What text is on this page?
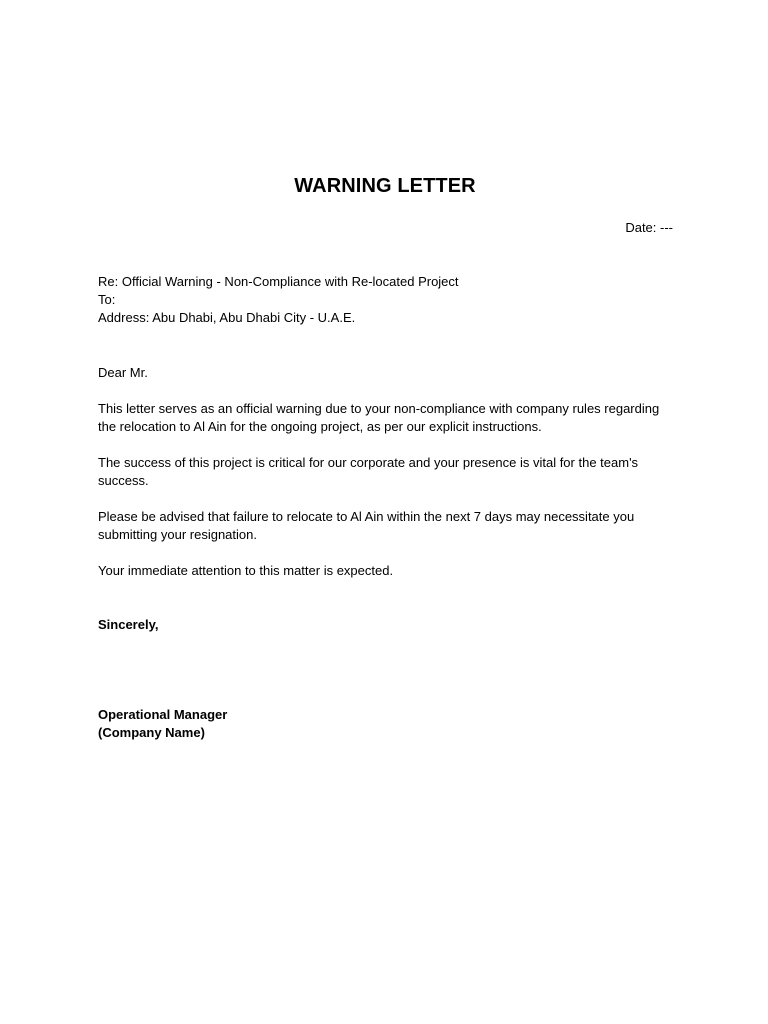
WARNING LETTER
Date: ---
Re: Official Warning - Non-Compliance with Re-located Project
To:
Address: Abu Dhabi, Abu Dhabi City - U.A.E.
Dear Mr.
This letter serves as an official warning due to your non-compliance with company rules regarding
the relocation to Al Ain for the ongoing project, as per our explicit instructions.
The success of this project is critical for our corporate and your presence is vital for the team's
success.
Please be advised that failure to relocate to Al Ain within the next 7 days may necessitate you
submitting your resignation.
Your immediate attention to this matter is expected.
Sincerely,
Operational Manager
(Company Name)
